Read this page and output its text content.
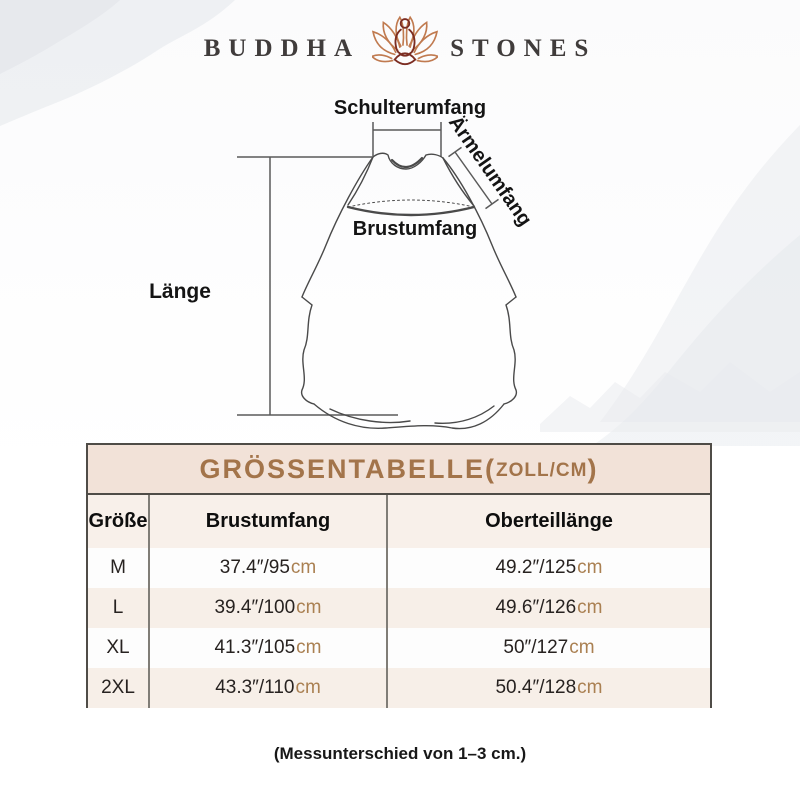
BUDDHA	STONES
Schulterumfang
Ärmelumfang
Brustumfang
Länge
GRÖSSENTABELLE( ZOLL/CM )
Größe	Brustumfang	Oberteillänge
M	37.4″/95 cm	49.2″/125 cm
L	39.4″/100 cm	49.6″/126 cm
XL	41.3″/105 cm	50″/127 cm
2XL	43.3″/110 cm	50.4″/128 cm
(Messunterschied von 1–3 cm.)
